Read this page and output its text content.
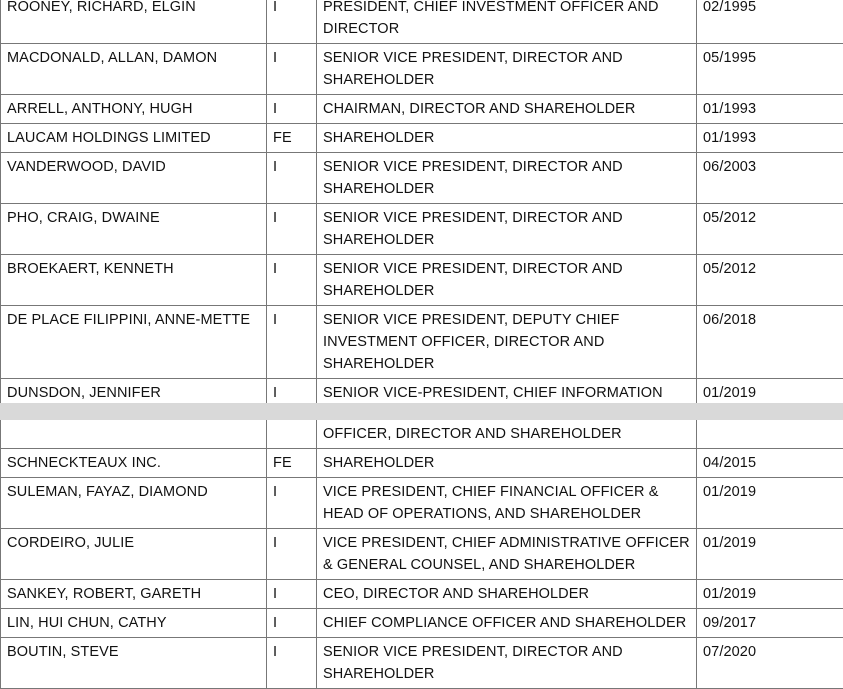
ROONEY, RICHARD, ELGIN	I	PRESIDENT, CHIEF INVESTMENT OFFICER AND DIRECTOR	02/1995
MACDONALD, ALLAN, DAMON	I	SENIOR VICE PRESIDENT, DIRECTOR AND SHAREHOLDER	05/1995
ARRELL, ANTHONY, HUGH	I	CHAIRMAN, DIRECTOR AND SHAREHOLDER	01/1993
LAUCAM HOLDINGS LIMITED	FE	SHAREHOLDER	01/1993
VANDERWOOD, DAVID	I	SENIOR VICE PRESIDENT, DIRECTOR AND SHAREHOLDER	06/2003
PHO, CRAIG, DWAINE	I	SENIOR VICE PRESIDENT, DIRECTOR AND SHAREHOLDER	05/2012
BROEKAERT, KENNETH	I	SENIOR VICE PRESIDENT, DIRECTOR AND SHAREHOLDER	05/2012
DE PLACE FILIPPINI, ANNE-METTE	I	SENIOR VICE PRESIDENT, DEPUTY CHIEF INVESTMENT OFFICER, DIRECTOR AND SHAREHOLDER	06/2018
DUNSDON, JENNIFER	I	SENIOR VICE-PRESIDENT, CHIEF INFORMATION	01/2019
		OFFICER, DIRECTOR AND SHAREHOLDER	
SCHNECKTEAUX INC.	FE	SHAREHOLDER	04/2015
SULEMAN, FAYAZ, DIAMOND	I	VICE PRESIDENT, CHIEF FINANCIAL OFFICER & HEAD OF OPERATIONS, AND SHAREHOLDER	01/2019
CORDEIRO, JULIE	I	VICE PRESIDENT, CHIEF ADMINISTRATIVE OFFICER & GENERAL COUNSEL, AND SHAREHOLDER	01/2019
SANKEY, ROBERT, GARETH	I	CEO, DIRECTOR AND SHAREHOLDER	01/2019
LIN, HUI CHUN, CATHY	I	CHIEF COMPLIANCE OFFICER AND SHAREHOLDER	09/2017
BOUTIN, STEVE	I	SENIOR VICE PRESIDENT, DIRECTOR AND SHAREHOLDER	07/2020
